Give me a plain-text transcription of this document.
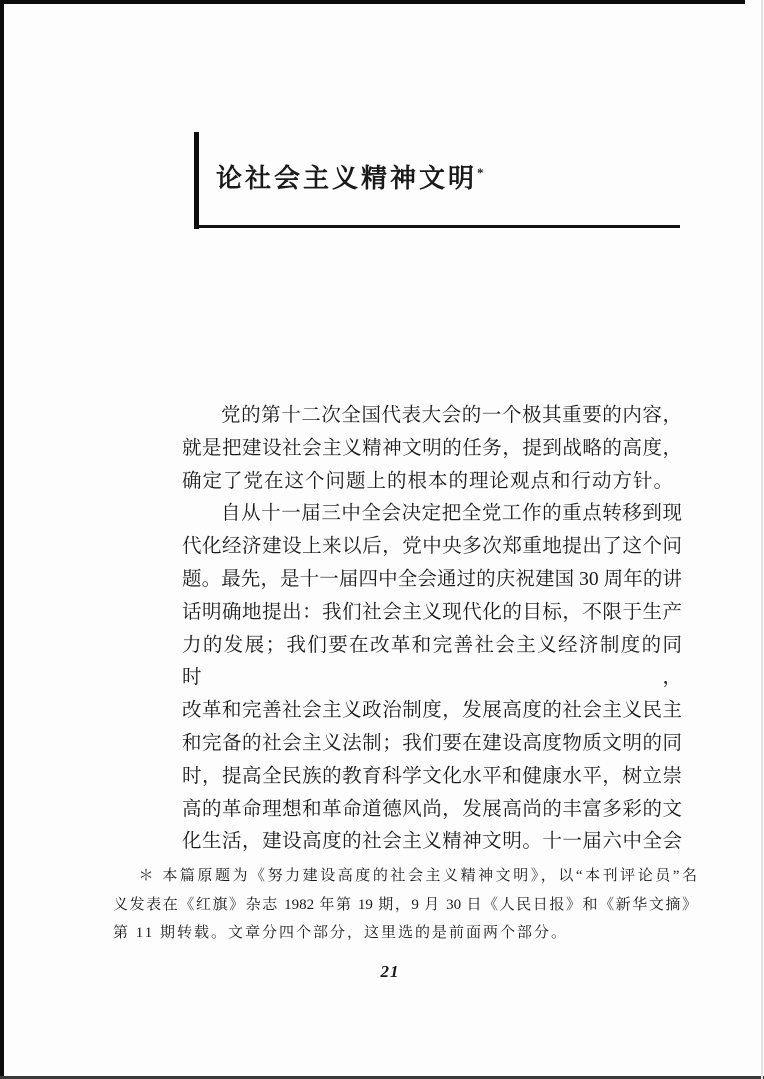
论社会主义精神文明*
党的第十二次全国代表大会的一个极其重要的内容，
就是把建设社会主义精神文明的任务，提到战略的高度，
确定了党在这个问题上的根本的理论观点和行动方针。
自从十一届三中全会决定把全党工作的重点转移到现
代化经济建设上来以后，党中央多次郑重地提出了这个问
题。最先，是十一届四中全会通过的庆祝建国 30 周年的讲
话明确地提出：我们社会主义现代化的目标，不限于生产
力的发展；我们要在改革和完善社会主义经济制度的同时，
改革和完善社会主义政治制度，发展高度的社会主义民主
和完备的社会主义法制；我们要在建设高度物质文明的同
时，提高全民族的教育科学文化水平和健康水平，树立崇
高的革命理想和革命道德风尚，发展高尚的丰富多彩的文
化生活，建设高度的社会主义精神文明。十一届六中全会
＊ 本篇原题为《努力建设高度的社会主义精神文明》，以“本刊评论员”名
义发表在《红旗》杂志 1982 年第 19 期，9 月 30 日《人民日报》和《新华文摘》
第 11 期转载。文章分四个部分，这里选的是前面两个部分。
21
